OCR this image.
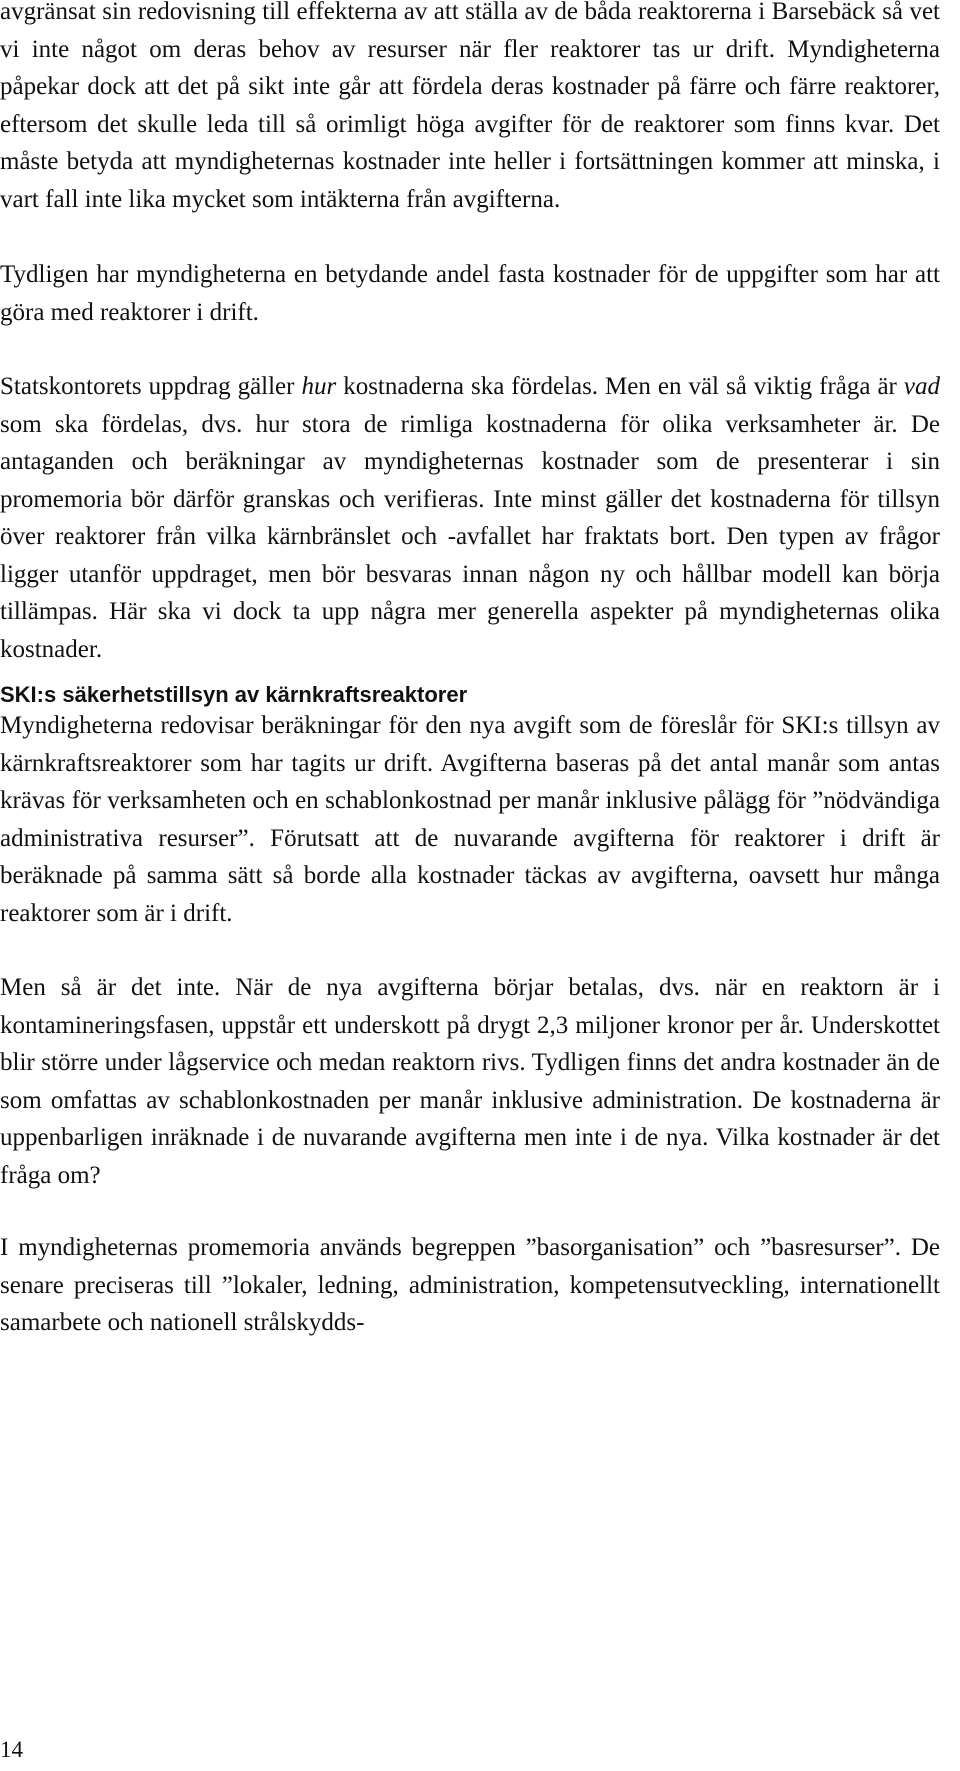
avgränsat sin redovisning till effekterna av att ställa av de båda reaktorerna i Barsebäck så vet vi inte något om deras behov av resurser när fler reaktorer tas ur drift. Myndigheterna påpekar dock att det på sikt inte går att fördela deras kostnader på färre och färre reaktorer, eftersom det skulle leda till så orimligt höga avgifter för de reaktorer som finns kvar. Det måste betyda att myndigheternas kostnader inte heller i fortsättningen kommer att minska, i vart fall inte lika mycket som intäkterna från avgifterna.

Tydligen har myndigheterna en betydande andel fasta kostnader för de uppgifter som har att göra med reaktorer i drift.

Statskontorets uppdrag gäller hur kostnaderna ska fördelas. Men en väl så viktig fråga är vad som ska fördelas, dvs. hur stora de rimliga kostnaderna för olika verksamheter är. De antaganden och beräkningar av myndigheternas kostnader som de presenterar i sin promemoria bör därför granskas och verifieras. Inte minst gäller det kostnaderna för tillsyn över reaktorer från vilka kärnbränslet och -avfallet har fraktats bort. Den typen av frågor ligger utanför uppdraget, men bör besvaras innan någon ny och hållbar modell kan börja tillämpas. Här ska vi dock ta upp några mer generella aspekter på myndigheternas olika kostnader.

SKI:s säkerhetstillsyn av kärnkraftsreaktorer

Myndigheterna redovisar beräkningar för den nya avgift som de föreslår för SKI:s tillsyn av kärnkraftsreaktorer som har tagits ur drift. Avgifterna baseras på det antal manår som antas krävas för verksamheten och en schablonkostnad per manår inklusive pålägg för ”nödvändiga administrativa resurser”. Förutsatt att de nuvarande avgifterna för reaktorer i drift är beräknade på samma sätt så borde alla kostnader täckas av avgifterna, oavsett hur många reaktorer som är i drift.

Men så är det inte. När de nya avgifterna börjar betalas, dvs. när en reaktorn är i kontamineringsfasen, uppstår ett underskott på drygt 2,3 miljoner kronor per år. Underskottet blir större under lågservice och medan reaktorn rivs. Tydligen finns det andra kostnader än de som omfattas av schablonkostnaden per manår inklusive administration. De kostnaderna är uppenbarligen inräknade i de nuvarande avgifterna men inte i de nya. Vilka kostnader är det fråga om?

I myndigheternas promemoria används begreppen ”basorganisation” och ”basresurser”. De senare preciseras till ”lokaler, ledning, administration, kompetensutveckling, internationellt samarbete och nationell strålskydds-

14
